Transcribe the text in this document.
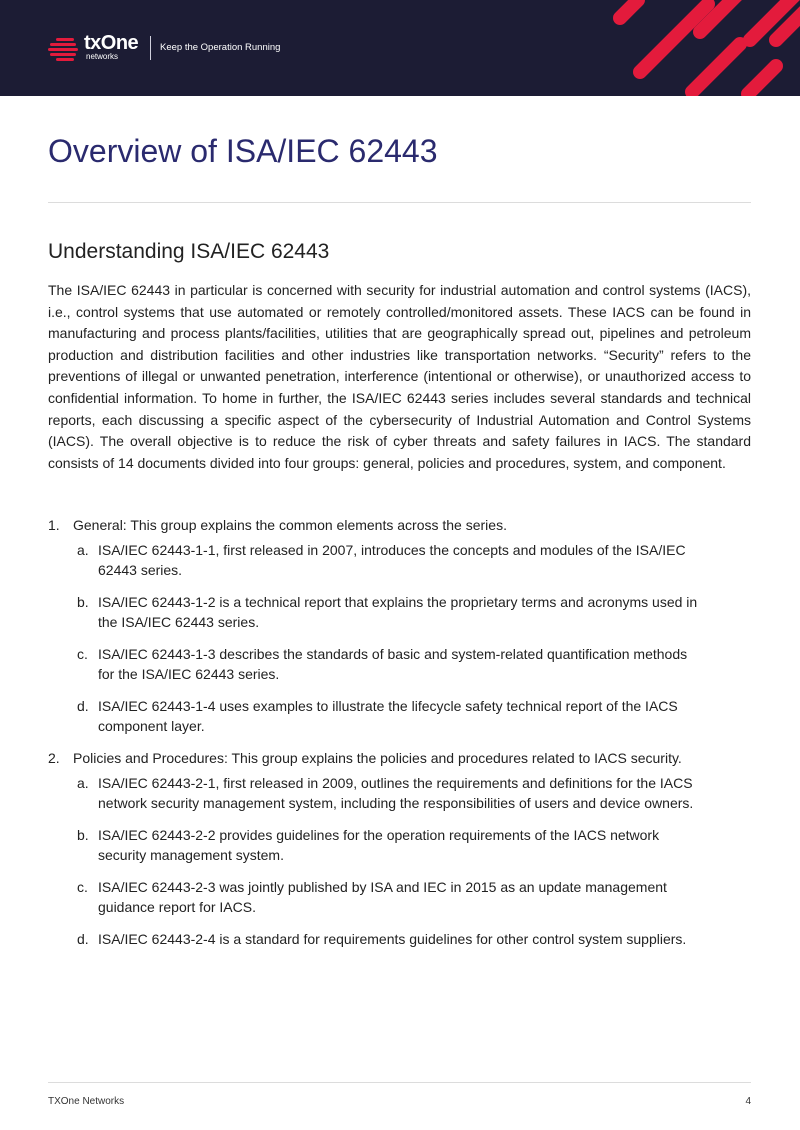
txOne
networks
Keep the Operation Running
Overview of ISA/IEC 62443
Understanding ISA/IEC 62443

The ISA/IEC 62443 in particular is concerned with security for industrial automation and control systems (IACS), i.e., control systems that use automated or remotely controlled/monitored assets. These IACS can be found in manufacturing and process plants/facilities, utilities that are geographically spread out, pipelines and petroleum production and distribution facilities and other industries like transportation networks. “Security” refers to the preventions of illegal or unwanted penetration, interference (intentional or otherwise), or unauthorized access to confidential information. To home in further, the ISA/IEC 62443 series includes several standards and technical reports, each discussing a specific aspect of the cybersecurity of Industrial Automation and Control Systems (IACS). The overall objective is to reduce the risk of cyber threats and safety failures in IACS. The standard consists of 14 documents divided into four groups: general, policies and procedures, system, and component.

1. General: This group explains the common elements across the series.
a. ISA/IEC 62443-1-1, first released in 2007, introduces the concepts and modules of the ISA/IEC 62443 series.
b. ISA/IEC 62443-1-2 is a technical report that explains the proprietary terms and acronyms used in the ISA/IEC 62443 series.
c. ISA/IEC 62443-1-3 describes the standards of basic and system-related quantification methods for the ISA/IEC 62443 series.
d. ISA/IEC 62443-1-4 uses examples to illustrate the lifecycle safety technical report of the IACS component layer.
2. Policies and Procedures: This group explains the policies and procedures related to IACS security.
a. ISA/IEC 62443-2-1, first released in 2009, outlines the requirements and definitions for the IACS network security management system, including the responsibilities of users and device owners.
b. ISA/IEC 62443-2-2 provides guidelines for the operation requirements of the IACS network security management system.
c. ISA/IEC 62443-2-3 was jointly published by ISA and IEC in 2015 as an update management guidance report for IACS.
d. ISA/IEC 62443-2-4 is a standard for requirements guidelines for other control system suppliers.
TXOne Networks	4
